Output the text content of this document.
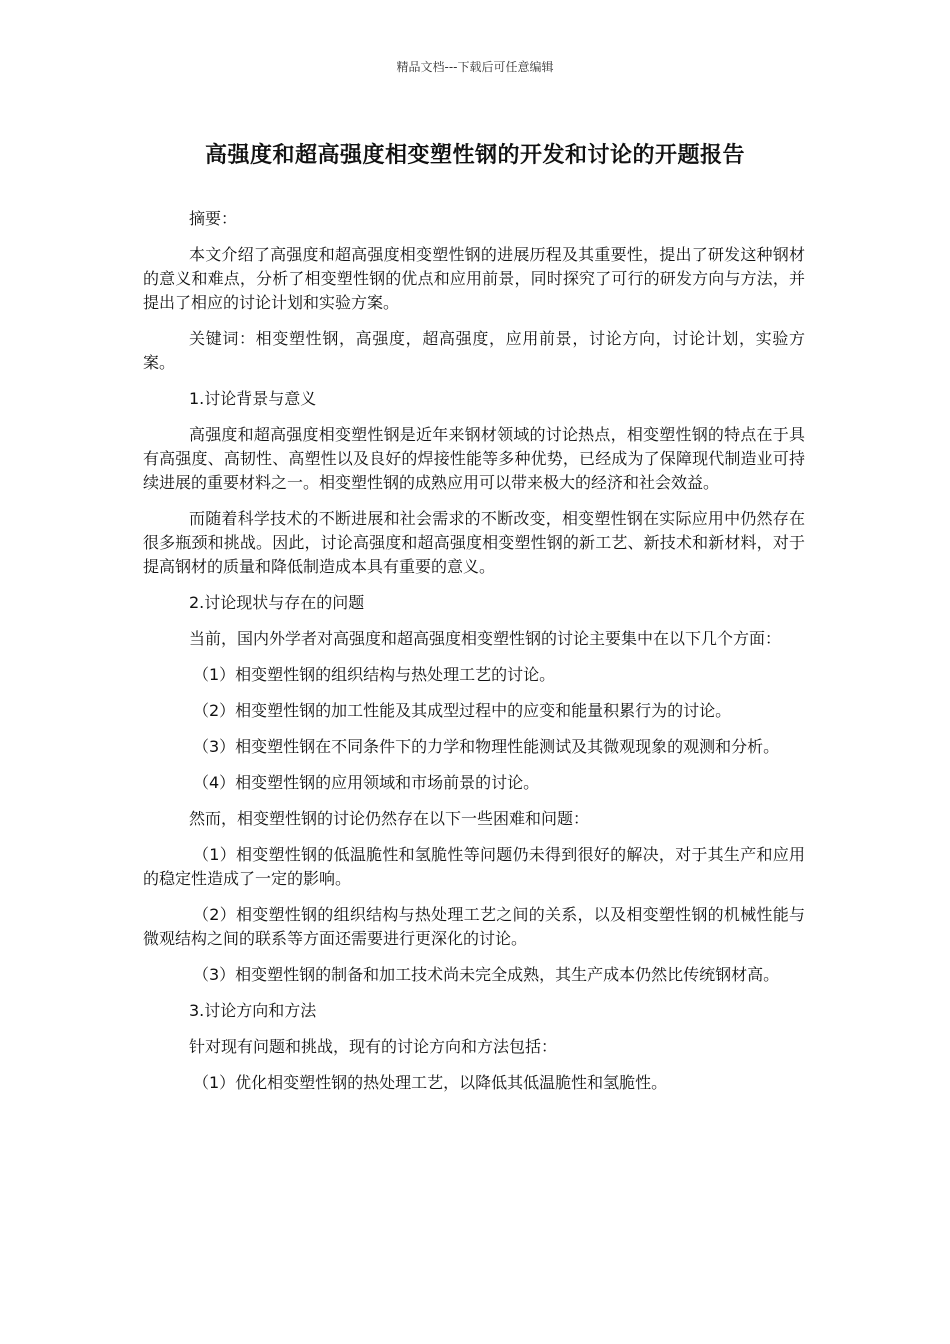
精品文档---下载后可任意编辑
高强度和超高强度相变塑性钢的开发和讨论的开题报告

摘要：

本文介绍了高强度和超高强度相变塑性钢的进展历程及其重要性，提出了研发这种钢材的意义和难点，分析了相变塑性钢的优点和应用前景，同时探究了可行的研发方向与方法，并提出了相应的讨论计划和实验方案。

关键词：相变塑性钢，高强度，超高强度，应用前景，讨论方向，讨论计划，实验方案。

1.讨论背景与意义

高强度和超高强度相变塑性钢是近年来钢材领域的讨论热点，相变塑性钢的特点在于具有高强度、高韧性、高塑性以及良好的焊接性能等多种优势，已经成为了保障现代制造业可持续进展的重要材料之一。相变塑性钢的成熟应用可以带来极大的经济和社会效益。

而随着科学技术的不断进展和社会需求的不断改变，相变塑性钢在实际应用中仍然存在很多瓶颈和挑战。因此，讨论高强度和超高强度相变塑性钢的新工艺、新技术和新材料，对于提高钢材的质量和降低制造成本具有重要的意义。

2.讨论现状与存在的问题

当前，国内外学者对高强度和超高强度相变塑性钢的讨论主要集中在以下几个方面：

（1）相变塑性钢的组织结构与热处理工艺的讨论。

（2）相变塑性钢的加工性能及其成型过程中的应变和能量积累行为的讨论。

（3）相变塑性钢在不同条件下的力学和物理性能测试及其微观现象的观测和分析。

（4）相变塑性钢的应用领域和市场前景的讨论。

然而，相变塑性钢的讨论仍然存在以下一些困难和问题：

（1）相变塑性钢的低温脆性和氢脆性等问题仍未得到很好的解决，对于其生产和应用的稳定性造成了一定的影响。

（2）相变塑性钢的组织结构与热处理工艺之间的关系，以及相变塑性钢的机械性能与微观结构之间的联系等方面还需要进行更深化的讨论。

（3）相变塑性钢的制备和加工技术尚未完全成熟，其生产成本仍然比传统钢材高。

3.讨论方向和方法

针对现有问题和挑战，现有的讨论方向和方法包括：

（1）优化相变塑性钢的热处理工艺，以降低其低温脆性和氢脆性。
